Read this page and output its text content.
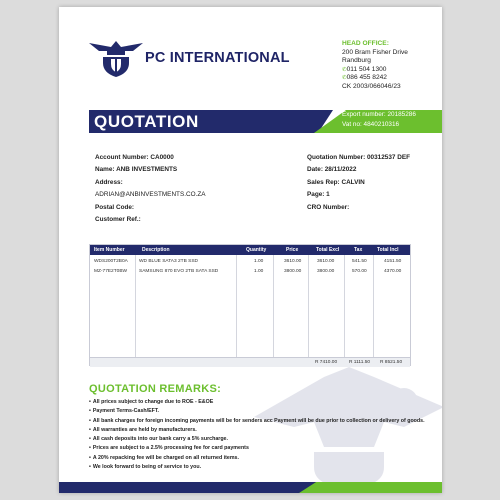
PC INTERNATIONAL
HEAD OFFICE:
200 Bram Fisher Drive
Randburg
✆011 504 1300
✆086 455 8242
CK 2003/066046/23
QUOTATION	Export number: 20185286
Vat no: 4840210316
Account Number: CA0000
Name: ANB INVESTMENTS
Address:
ADRIAN@ANBINVESTMENTS.CO.ZA
Postal Code:
Customer Ref.:
Quotation Number: 00312537 DEF
Date: 28/11/2022
Sales Rep: CALVIN
Page: 1
CRO Number:
Item Number	Description	Quantity	Price	Total Excl	Tax	Total Incl
WDS200T2B0A WD BLUE SATA3 2TB SSD	1.00	3610.00	3610.00	541.50	4151.50
MZ-77E2T0BW SAMSUNG 870 EVO 2TB SATA SSD	1.00	3800.00	3800.00	570.00	4370.00
R 7410.00 R 1111.50 R 8521.50
QUOTATION REMARKS:
• All prices subject to change due to ROE - E&OE
• Payment Terms-Cash/EFT.
• All bank charges for foreign incoming payments will be for senders acc Payment will be due prior to collection or delivery of goods.
• All warranties are held by manufacturers.
• All cash deposits into our bank carry a 5% surcharge.
• Prices are subject to a 2.5% processing fee for card payments
• A 20% repacking fee will be charged on all returned items.
• We look forward to being of service to you.
